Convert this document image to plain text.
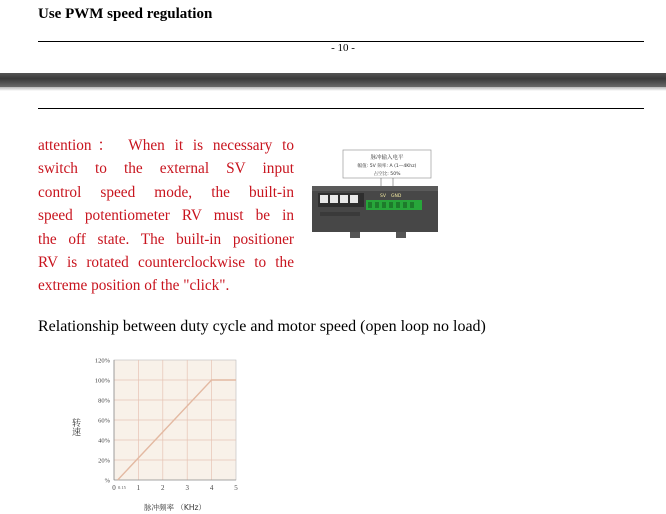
Use PWM speed regulation
- 10 -
attention： When it is necessary to
switch to the external SV input
control speed mode, the built-in
speed potentiometer RV must be in
the off state. The built-in positioner
RV is rotated counterclockwise to the
extreme position of the "click".
脉冲输入电平
幅值: 5V 频率: A (1—4Khz)
占空比: 50%
SV GND
Relationship between duty cycle and motor speed (open loop no load)
转速
%
20%
40%
60%
80%
100%
120%
0	1	2	3	4	5
0.15
脉冲频率 （KHz）
